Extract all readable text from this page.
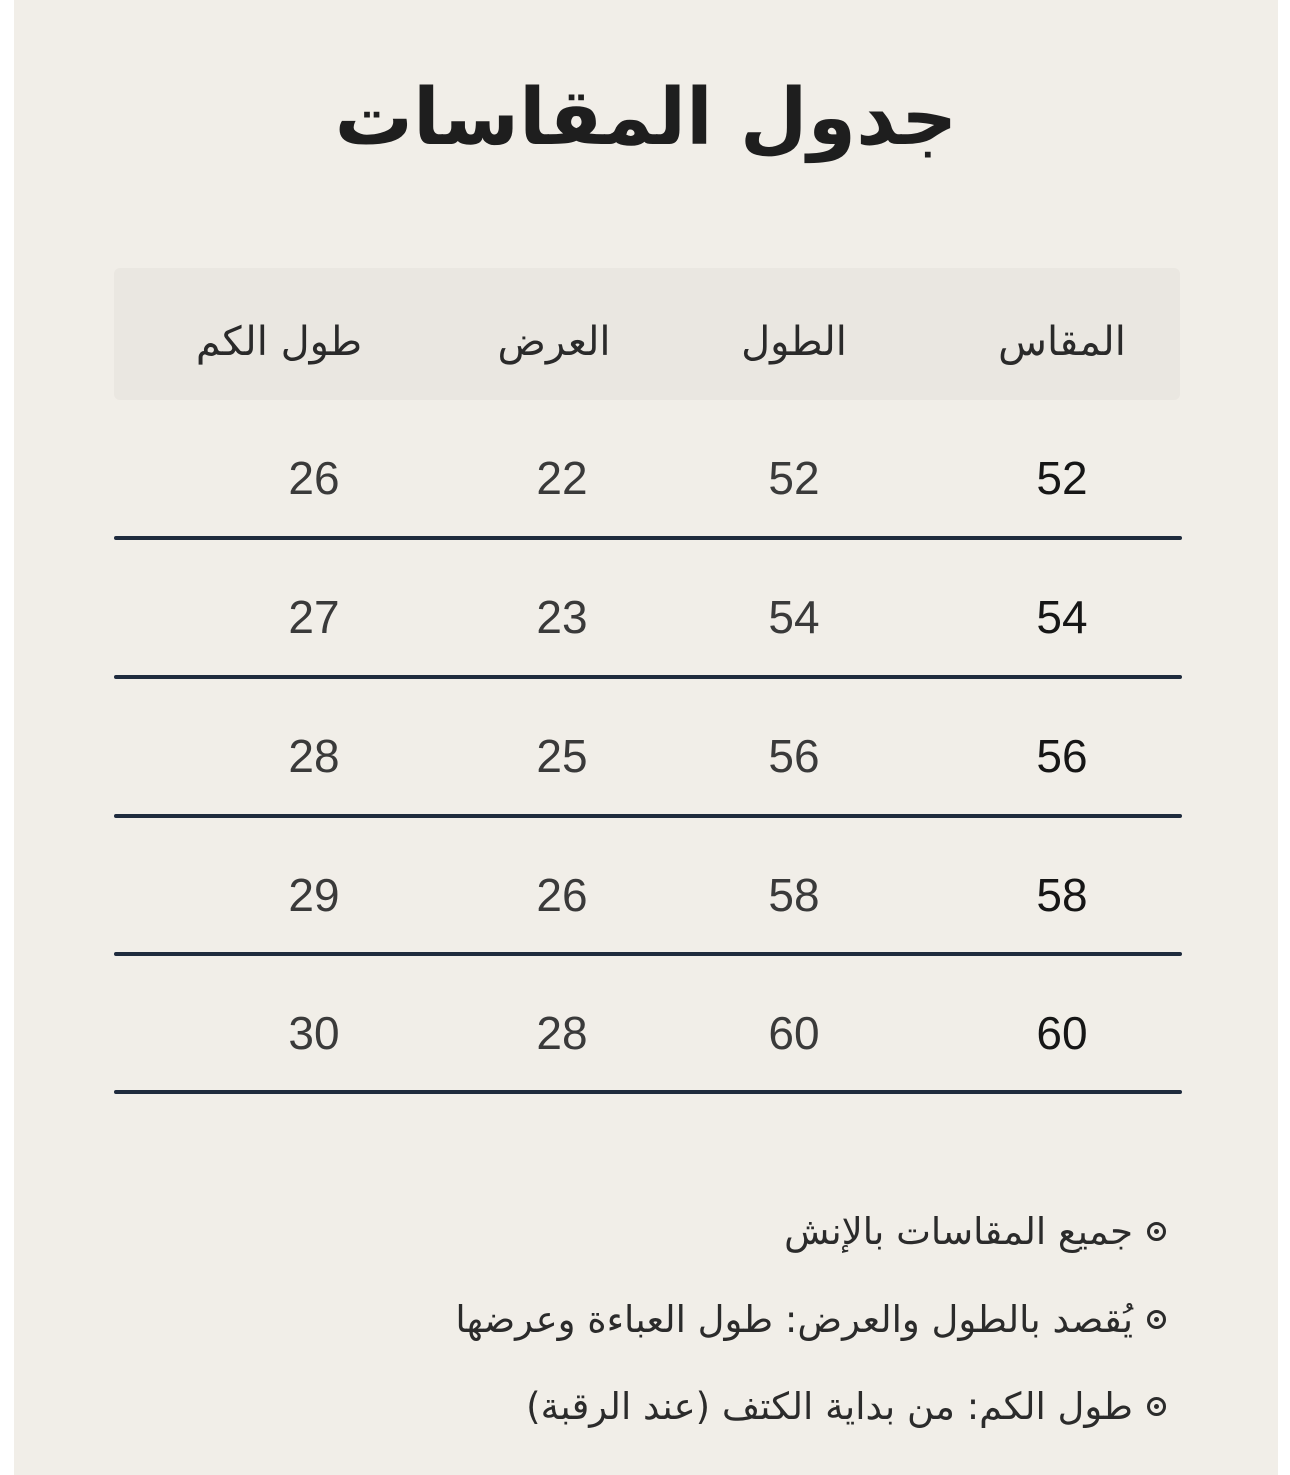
جدول المقاسات
المقاس
الطول
العرض
طول الكم
52
52
22
26
54
54
23
27
56
56
25
28
58
58
26
29
60
60
28
30
جميع المقاسات بالإنش
يُقصد بالطول والعرض: طول العباءة وعرضها
طول الكم: من بداية الكتف (عند الرقبة)
